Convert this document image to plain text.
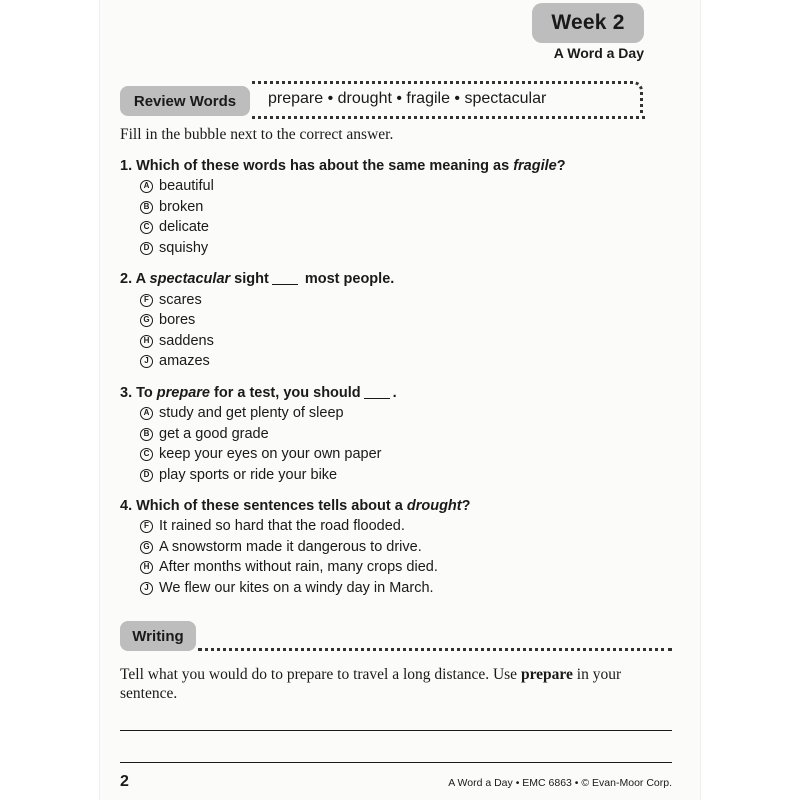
Week 2
A Word a Day
Review Words	prepare • drought • fragile • spectacular
Fill in the bubble next to the correct answer.
1. Which of these words has about the same meaning as fragile?
A beautiful
B broken
C delicate
D squishy
2. A spectacular sight most people.
F scares
G bores
H saddens
J amazes
3. To prepare for a test, you should .
A study and get plenty of sleep
B get a good grade
C keep your eyes on your own paper
D play sports or ride your bike
4. Which of these sentences tells about a drought?
F It rained so hard that the road flooded.
G A snowstorm made it dangerous to drive.
H After months without rain, many crops died.
J We flew our kites on a windy day in March.
Writing
Tell what you would do to prepare to travel a long distance. Use prepare in your sentence.
2	A Word a Day • EMC 6863 • © Evan-Moor Corp.
